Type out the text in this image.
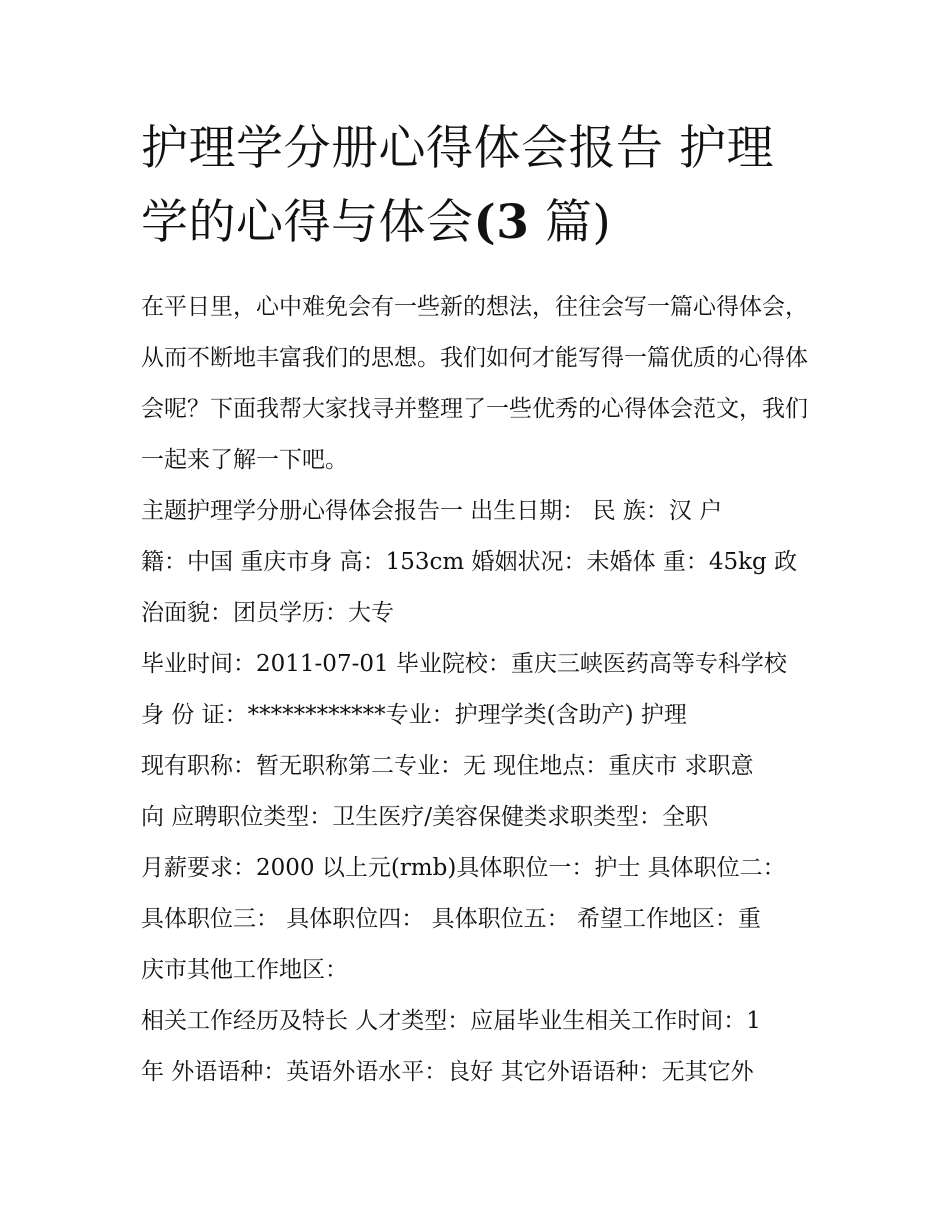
护理学分册心得体会报告 护理学的心得与体会(3 篇)

在平日里，心中难免会有一些新的想法，往往会写一篇心得体会，从而不断地丰富我们的思想。我们如何才能写得一篇优质的心得体会呢？下面我帮大家找寻并整理了一些优秀的心得体会范文，我们一起来了解一下吧。

主题护理学分册心得体会报告一 出生日期： 民 族：汉 户

籍：中国 重庆市身 高：153cm 婚姻状况：未婚体 重：45kg 政

治面貌：团员学历：大专

毕业时间：2011-07-01 毕业院校：重庆三峡医药高等专科学校

身 份 证：************专业：护理学类(含助产) 护理

现有职称：暂无职称第二专业：无 现住地点：重庆市 求职意

向 应聘职位类型：卫生医疗/美容保健类求职类型：全职

月薪要求：2000 以上元(rmb)具体职位一：护士 具体职位二：

具体职位三： 具体职位四： 具体职位五： 希望工作地区：重

庆市其他工作地区：

相关工作经历及特长 人才类型：应届毕业生相关工作时间：1

年 外语语种：英语外语水平：良好 其它外语语种：无其它外
